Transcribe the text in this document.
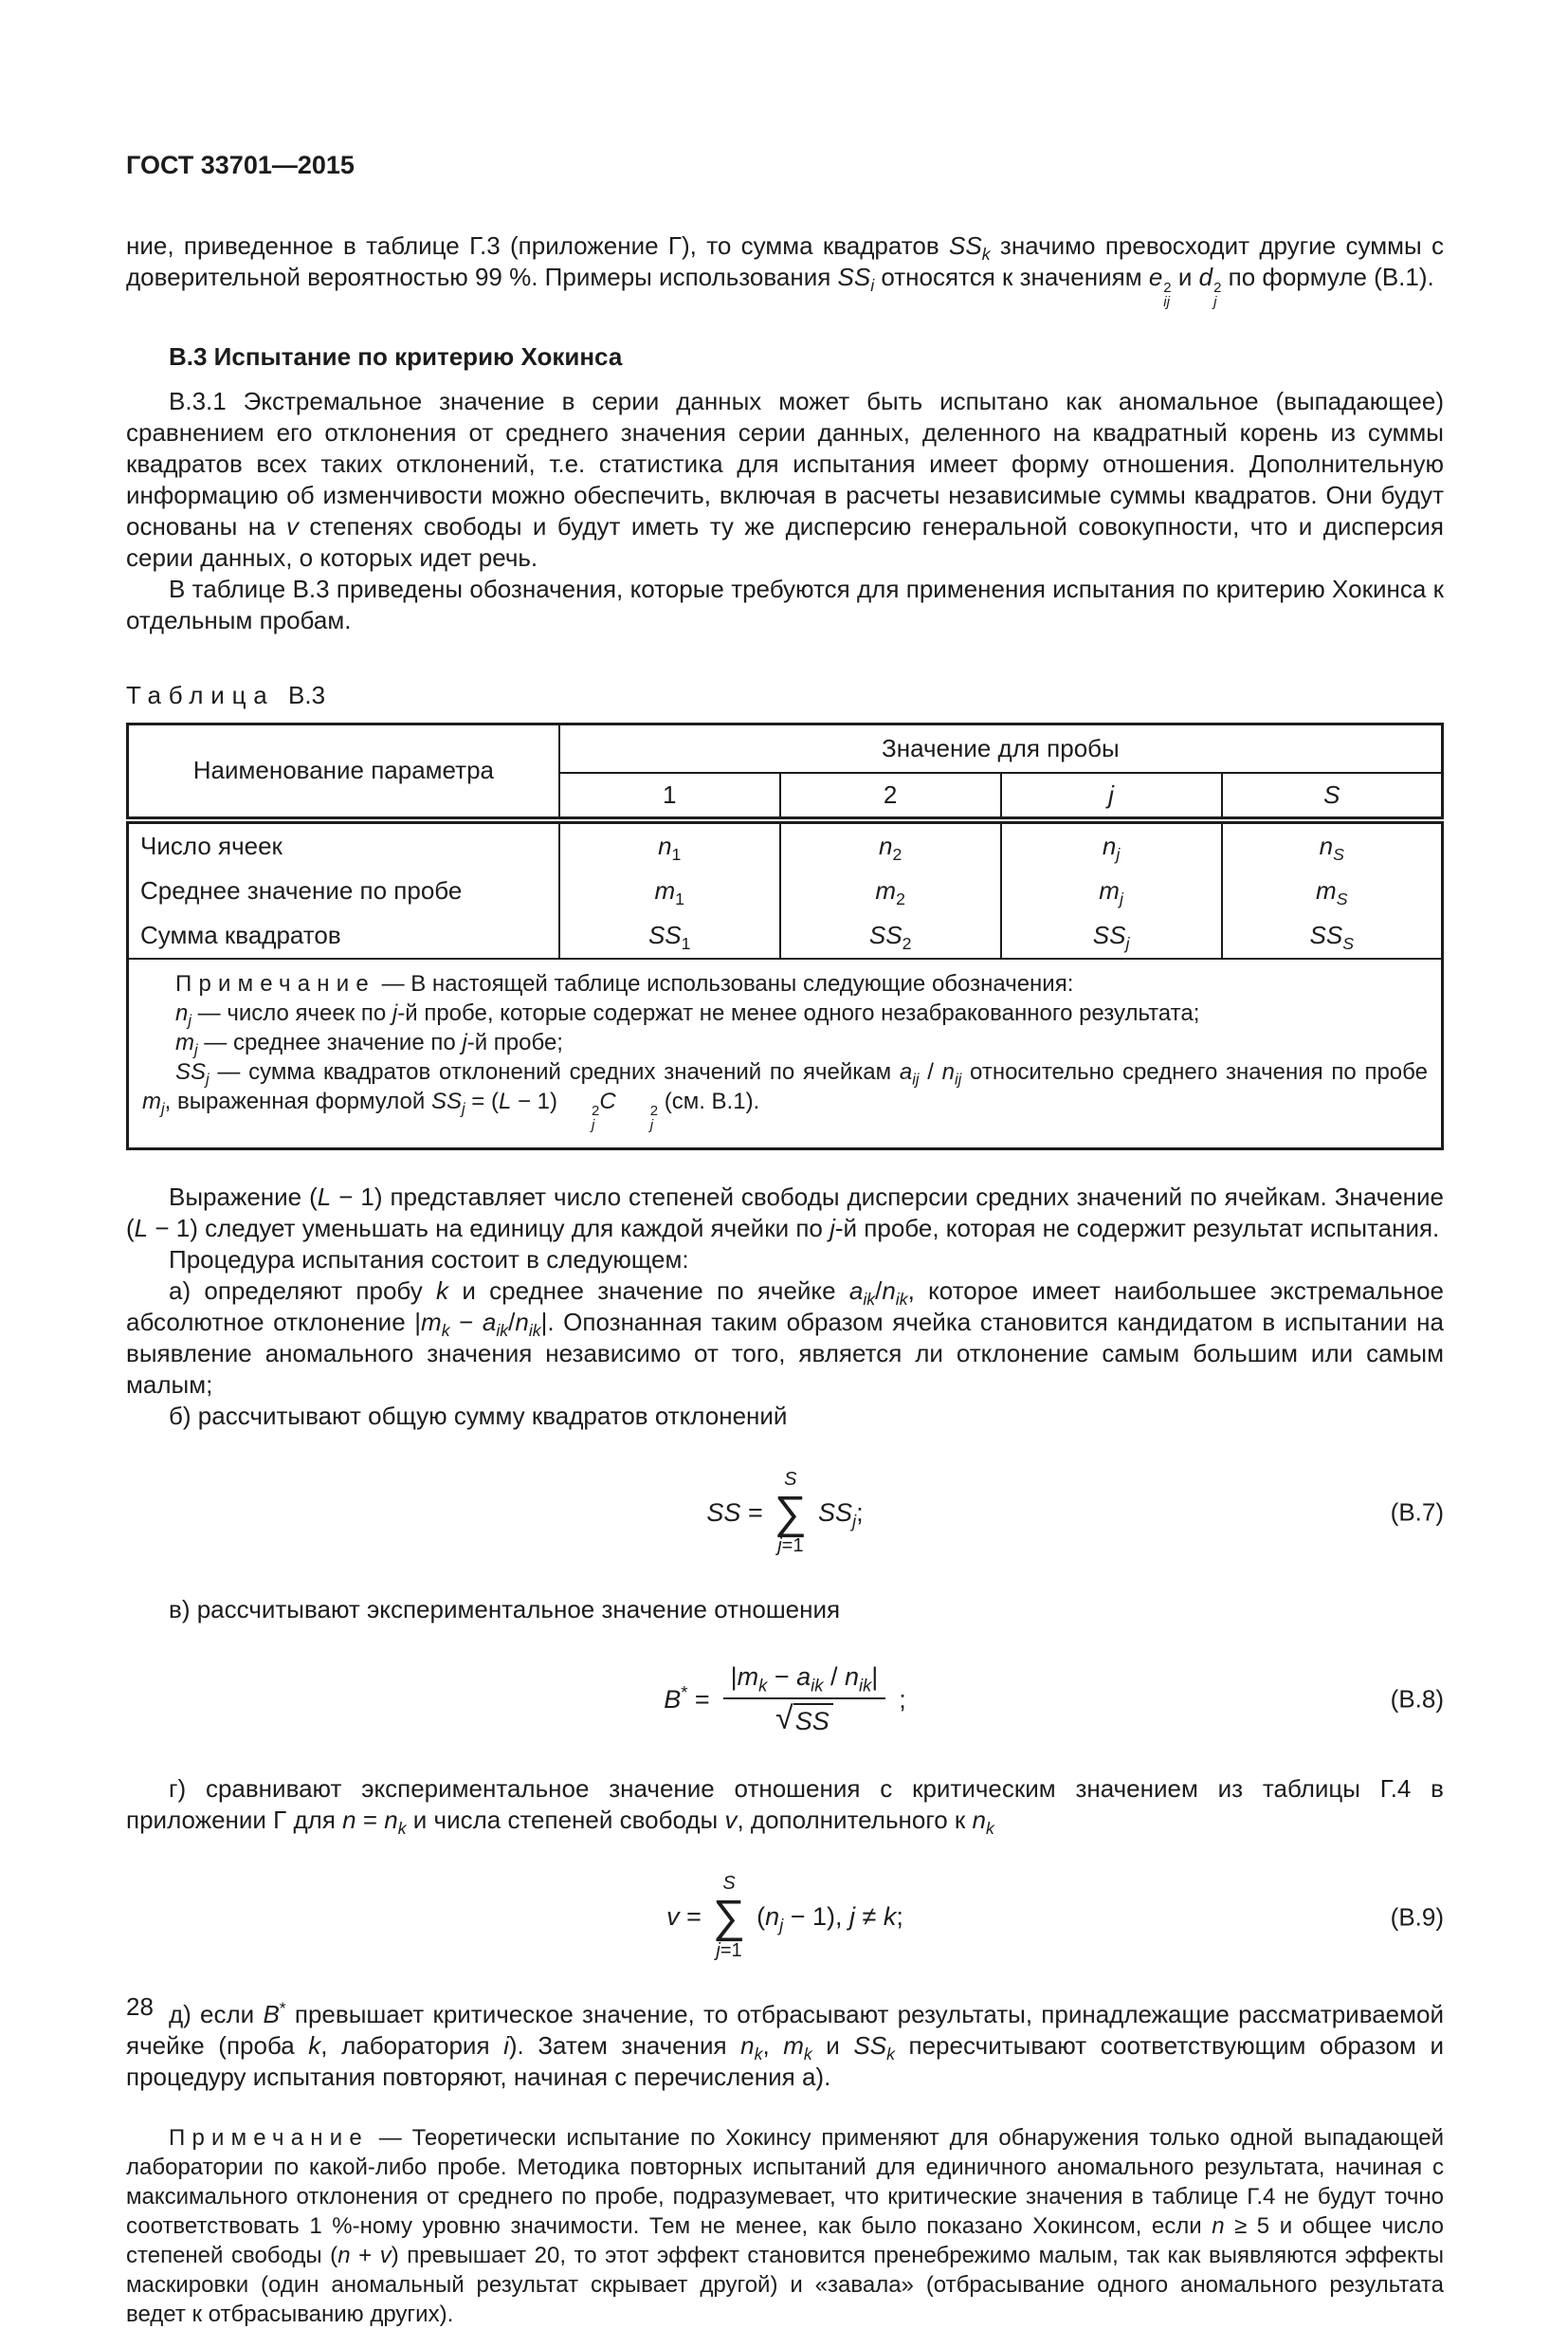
ГОСТ 33701—2015

ние, приведенное в таблице Г.3 (приложение Г), то сумма квадратов $SS_k$ значимо превосходит другие суммы с доверительной вероятностью 99 %. Примеры использования $SS_i$ относятся к значениям e 2
ij
и d 2
j
по формуле (В.1).

В.3 Испытание по критерию Хокинса

В.3.1 Экстремальное значение в серии данных может быть испытано как аномальное (выпадающее) сравнением его отклонения от среднего значения серии данных, деленного на квадратный корень из суммы квадратов всех таких отклонений, т.е. статистика для испытания имеет форму отношения. Дополнительную информацию об изменчивости можно обеспечить, включая в расчеты независимые суммы квадратов. Они будут основаны на v степенях свободы и будут иметь ту же дисперсию генеральной совокупности, что и дисперсия серии данных, о которых идет речь.

В таблице В.3 приведены обозначения, которые требуются для применения испытания по критерию Хокинса к отдельным пробам.

Таблица В.3

Наименование параметра	Значение для пробы			
	1	2	j	S
Число ячеек	$n_1$	$n_2$	$n_j$	$n_S$
Среднее значение по пробе	$m_1$	$m_2$	$m_j$	$m_S$
Сумма квадратов	$SS_1$	$SS_2$	$SS_j$	$SS_S$

Примечание — В настоящей таблице использованы следующие обозначения:

$n_j$ — число ячеек по j-й пробе, которые содержат не менее одного незабракованного результата;

$m_j$ — среднее значение по j-й пробе;

$SS_j$ — сумма квадратов отклонений средних значений по ячейкам $a_{ij} / n_{ij}$ относительно среднего значения по пробе $m_j$, выраженная формулой $SS_j = (L - 1)$	2
j
C	2
j
(см. В.1).

Выражение (L − 1) представляет число степеней свободы дисперсии средних значений по ячейкам. Значение (L − 1) следует уменьшать на единицу для каждой ячейки по j-й пробе, которая не содержит результат испытания.

Процедура испытания состоит в следующем:

а) определяют пробу k и среднее значение по ячейке $a_{ik}/n_{ik}$, которое имеет наибольшее экстремальное абсолютное отклонение $|m_k - a_{ik}/n_{ik}|$. Опознанная таким образом ячейка становится кандидатом в испытании на выявление аномального значения независимо от того, является ли отклонение самым большим или самым малым;

б) рассчитывают общую сумму квадратов отклонений

SS =
S
∑
j=1
$SS_j$;	(В.7)

в) рассчитывают экспериментальное значение отношения

$B^* = \frac{|m_k - a_{ik} / n_{ik}|}{√ SS}$ ;	(В.8)

г) сравнивают экспериментальное значение отношения с критическим значением из таблицы Г.4 в приложении Г для $n = n_k$ и числа степеней свободы v, дополнительного к $n_k$

v =
S
∑
j=1
$(n_j - 1)$, j ≠ k;	(В.9)

д) если B* превышает критическое значение, то отбрасывают результаты, принадлежащие рассматриваемой ячейке (проба k, лаборатория i). Затем значения $n_k$, $m_k$ и $SS_k$ пересчитывают соответствующим образом и процедуру испытания повторяют, начиная с перечисления а).

Примечание — Теоретически испытание по Хокинсу применяют для обнаружения только одной выпадающей лаборатории по какой-либо пробе. Методика повторных испытаний для единичного аномального результата, начиная с максимального отклонения от среднего по пробе, подразумевает, что критические значения в таблице Г.4 не будут точно соответствовать 1 %-ному уровню значимости. Тем не менее, как было показано Хокинсом, если n ≥ 5 и общее число степеней свободы (n + v) превышает 20, то этот эффект становится пренебрежимо малым, так как выявляются эффекты маскировки (один аномальный результат скрывает другой) и «завала» (отбрасывание одного аномального результата ведет к отбрасыванию других).

28
